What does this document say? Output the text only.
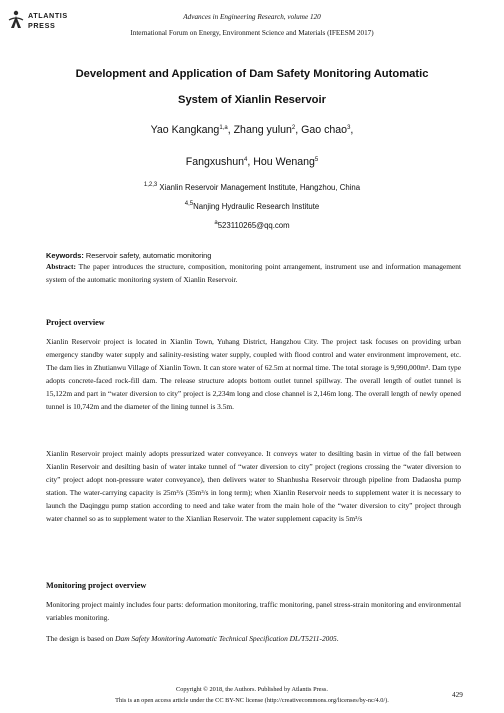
ATLANTIS
PRESS
Advances in Engineering Research, volume 120
International Forum on Energy, Environment Science and Materials (IFEESM 2017)
Development and Application of Dam Safety Monitoring Automatic
System of Xianlin Reservoir
Yao Kangkang$^{1,a}$, Zhang yulun$^2$, Gao chao$^3$,
Fangxushun$^4$, Hou Wenang$^5$
$^{1,2,3}$ Xianlin Reservoir Management Institute, Hangzhou, China
$^{4,5}$Nanjing Hydraulic Research Institute
$^a$523110265@qq.com
Keywords: Reservoir safety, automatic monitoring
Abstract: The paper introduces the structure, composition, monitoring point arrangement, instrument use and information management system of the automatic monitoring system of Xianlin Reservoir.
Project overview
Xianlin Reservoir project is located in Xianlin Town, Yuhang District, Hangzhou City. The project task focuses on providing urban emergency standby water supply and salinity-resisting water supply, coupled with flood control and water environment improvement, etc. The dam lies in Zhutianwu Village of Xianlin Town. It can store water of 62.5m at normal time. The total storage is 9,990,000m³. Dam type adopts concrete-faced rock-fill dam. The release structure adopts bottom outlet tunnel spillway. The overall length of outlet tunnel is 15,122m and part in “water diversion to city” project is 2,234m long and close channel is 2,146m long. The overall length of newly opened tunnel is 10,742m and the diameter of the lining tunnel is 3.5m.
Xianlin Reservoir project mainly adopts pressurized water conveyance. It conveys water to desilting basin in virtue of the fall between Xianlin Reservoir and desilting basin of water intake tunnel of “water diversion to city” project (regions crossing the “water diversion to city” project adopt non-pressure water conveyance), then delivers water to Shanhusha Reservoir through pipeline from Dadaosha pump station. The water-carrying capacity is 25m³/s (35m³/s in long term); when Xianlin Reservoir needs to supplement water it is necessary to launch the Daqinggu pump station according to need and take water from the main hole of the “water diversion to city” project through water channel so as to supplement water to the Xianlian Reservoir. The water supplement capacity is 5m³/s
Monitoring project overview
Monitoring project mainly includes four parts: deformation monitoring, traffic monitoring, panel stress-strain monitoring and environmental variables monitoring.
The design is based on Dam Safety Monitoring Automatic Technical Specification DL/T5211-2005.
Copyright © 2018, the Authors. Published by Atlantis Press.
This is an open access article under the CC BY-NC license (http://creativecommons.org/licenses/by-nc/4.0/).
429
